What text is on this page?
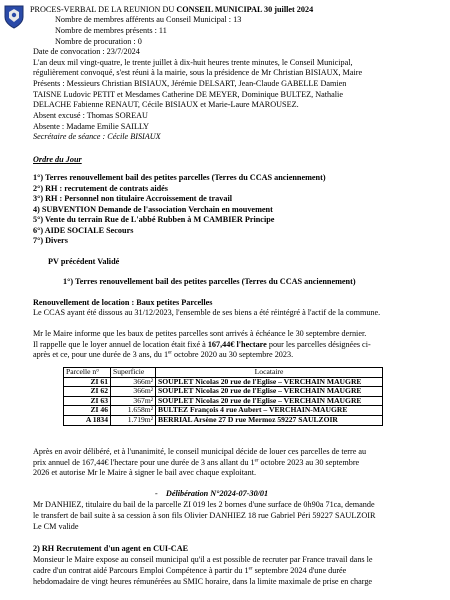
PROCES-VERBAL DE LA REUNION DU CONSEIL MUNICIPAL 30 juillet 2024
Nombre de membres afférents au Conseil Municipal : 13
Nombre de membres présents : 11
Nombre de procuration : 0
Date de convocation : 23/7/2024
L'an deux mil vingt-quatre, le trente juillet à dix-huit heures trente minutes, le Conseil Municipal,
régulièrement convoqué, s'est réuni à la mairie, sous la présidence de Mr Christian BISIAUX, Maire
Présents : Messieurs Christian BISIAUX, Jérémie DELSART, Jean-Claude GABELLE Damien
TAISNE Ludovic PETIT et Mesdames Catherine DE MEYER, Dominique BULTEZ, Nathalie
DELACHE Fabienne RENAUT, Cécile BISIAUX et Marie-Laure MAROUSEZ.
Absent excusé : Thomas SOREAU
Absente : Madame Emilie SAILLY
Secrétaire de séance : Cécile BISIAUX
Ordre du Jour
1°) Terres renouvellement bail des petites parcelles (Terres du CCAS anciennement)
2°) RH : recrutement de contrats aidés
3°) RH : Personnel non titulaire Accroissement de travail
4) SUBVENTION Demande de l'association Verchain en mouvement
5°) Vente du terrain Rue de L'abbé Rubben à M CAMBIER Principe
6°) AIDE SOCIALE Secours
7°) Divers
PV précédent Validé
1°) Terres renouvellement bail des petites parcelles (Terres du CCAS anciennement)
Renouvellement de location : Baux petites Parcelles
Le CCAS ayant été dissous au 31/12/2023, l'ensemble de ses biens a été réintégré à l'actif de la commune.
Mr le Maire informe que les baux de petites parcelles sont arrivés à échéance le 30 septembre dernier.
Il rappelle que le loyer annuel de location était fixé à 167,44€ l'hectare pour les parcelles désignées ci-
après et ce, pour une durée de 3 ans, du 1er octobre 2020 au 30 septembre 2023.
Parcelle n°	Superficie	Locataire
ZI 61	366m²	SOUPLET Nicolas 20 rue de l'Eglise – VERCHAIN MAUGRE
ZI 62	366m²	SOUPLET Nicolas 20 rue de l'Eglise – VERCHAIN MAUGRE
ZI 63	367m²	SOUPLET Nicolas 20 rue de l'Eglise – VERCHAIN MAUGRE
ZI 46	1.658m²	BULTEZ François 4 rue Aubert – VERCHAIN-MAUGRE
A 1834	1.719m²	BERRIAL Arsène 27 D rue Mermoz 59227 SAULZOIR
Après en avoir délibéré, et à l'unanimité, le conseil municipal décide de louer ces parcelles de terre au
prix annuel de 167,44€ l'hectare pour une durée de 3 ans allant du 1er octobre 2023 au 30 septembre
2026 et autorise Mr le Maire à signer le bail avec chaque exploitant.
-    Délibération N°2024-07-30/01
Mr DANHIEZ, titulaire du bail de la parcelle ZI 019 les 2 bornes d'une surface de 0h90a 71ca, demande
le transfert de bail suite à sa cession à son fils Olivier DANHIEZ 18 rue Gabriel Péri 59227 SAULZOIR
Le CM valide
2) RH Recrutement d'un agent en CUI-CAE
Monsieur le Maire expose au conseil municipal qu'il a est possible de recruter par France travail dans le
cadre d'un contrat aidé Parcours Emploi Compétence à partir du 1er septembre 2024 d'une durée
hebdomadaire de vingt heures rémunérées au SMIC horaire, dans la limite maximale de prise en charge
